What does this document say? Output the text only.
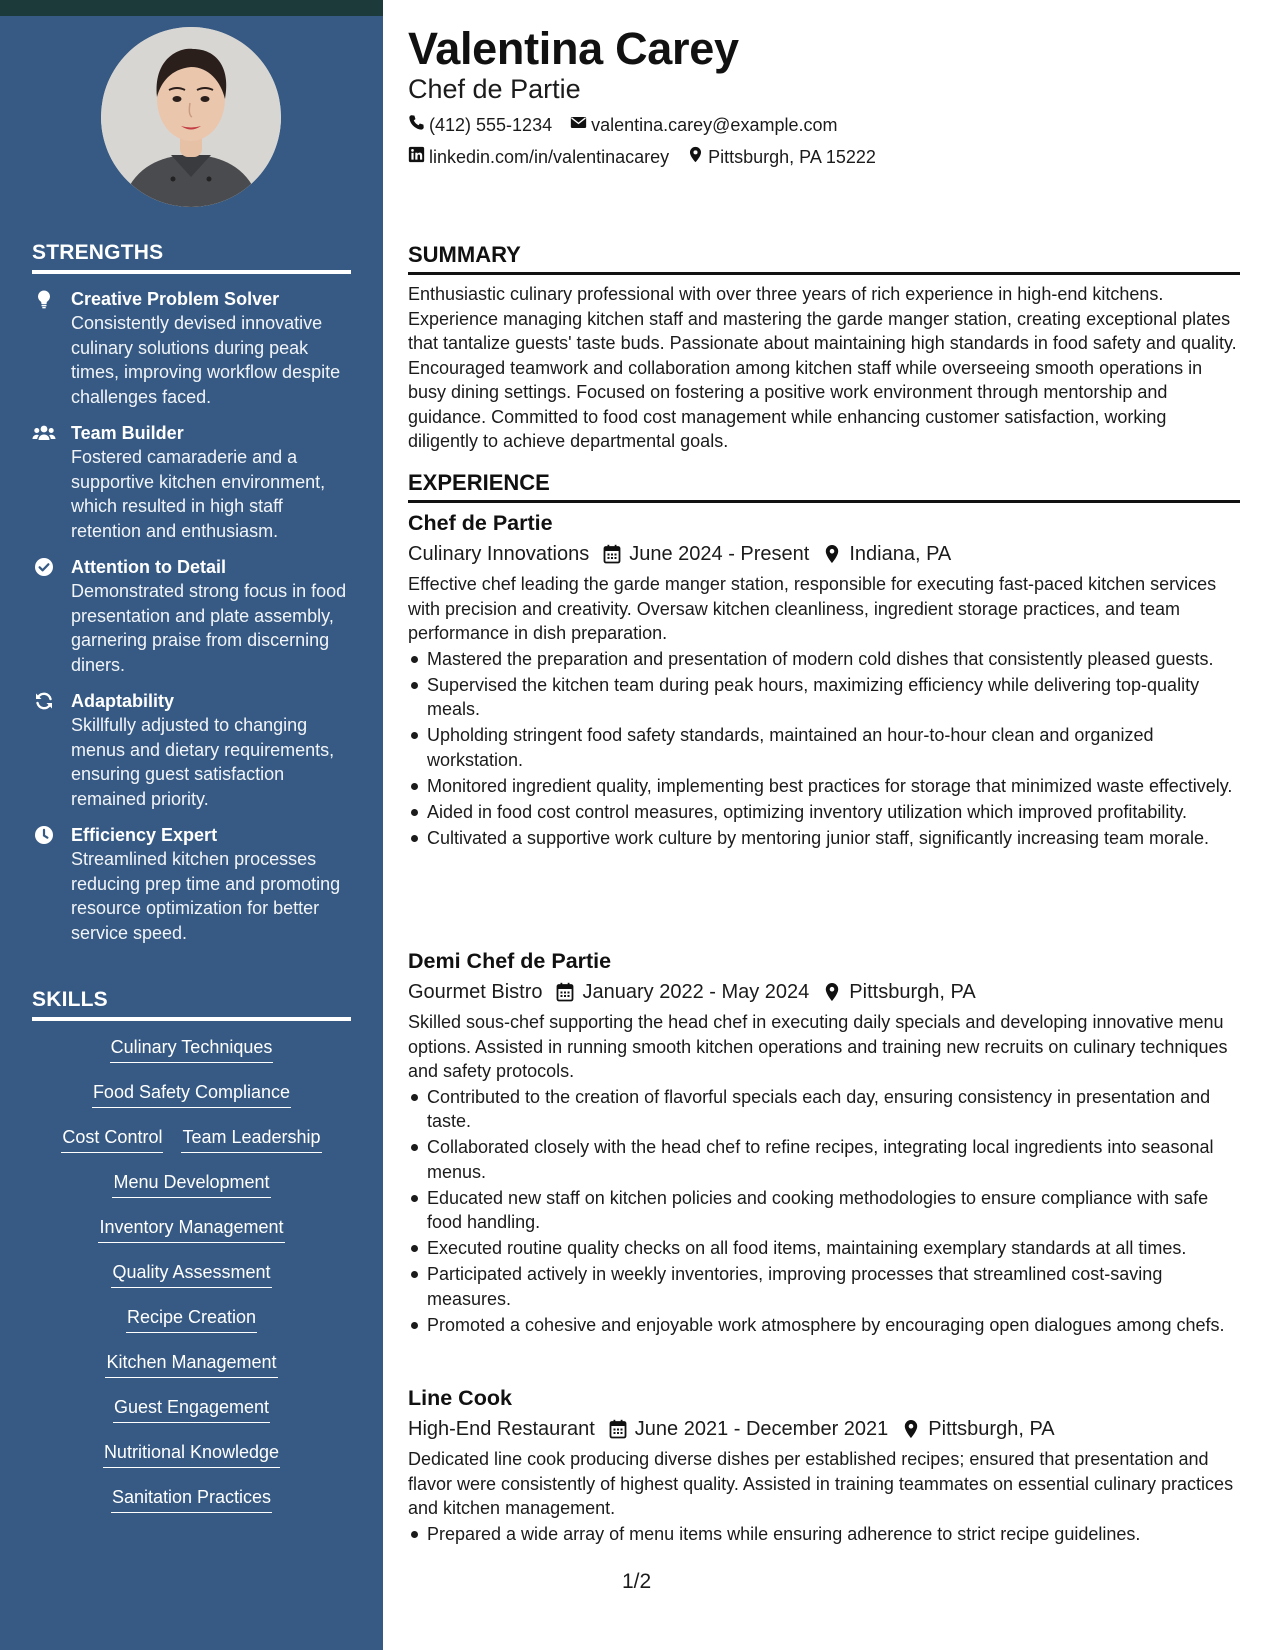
STRENGTHS
Creative Problem Solver
Consistently devised innovative culinary solutions during peak times, improving workflow despite challenges faced.
Team Builder
Fostered camaraderie and a supportive kitchen environment, which resulted in high staff retention and enthusiasm.
Attention to Detail
Demonstrated strong focus in food presentation and plate assembly, garnering praise from discerning diners.
Adaptability
Skillfully adjusted to changing menus and dietary requirements, ensuring guest satisfaction remained priority.
Efficiency Expert
Streamlined kitchen processes reducing prep time and promoting resource optimization for better service speed.
SKILLS
Culinary Techniques
Food Safety Compliance
Cost Control Team Leadership
Menu Development
Inventory Management
Quality Assessment
Recipe Creation
Kitchen Management
Guest Engagement
Nutritional Knowledge
Sanitation Practices
Valentina Carey
Chef de Partie
(412) 555-1234 valentina.carey@example.com
linkedin.com/in/valentinacarey Pittsburgh, PA 15222
SUMMARY

Enthusiastic culinary professional with over three years of rich experience in high-end kitchens. Experience managing kitchen staff and mastering the garde manger station, creating exceptional plates that tantalize guests' taste buds. Passionate about maintaining high standards in food safety and quality. Encouraged teamwork and collaboration among kitchen staff while overseeing smooth operations in busy dining settings. Focused on fostering a positive work environment through mentorship and guidance. Committed to food cost management while enhancing customer satisfaction, working diligently to achieve departmental goals.

EXPERIENCE
Chef de Partie
Culinary Innovations June 2024 - Present Indiana, PA

Effective chef leading the garde manger station, responsible for executing fast-paced kitchen services with precision and creativity. Oversaw kitchen cleanliness, ingredient storage practices, and team performance in dish preparation.

Mastered the preparation and presentation of modern cold dishes that consistently pleased guests.
Supervised the kitchen team during peak hours, maximizing efficiency while delivering top-quality meals.
Upholding stringent food safety standards, maintained an hour-to-hour clean and organized workstation.
Monitored ingredient quality, implementing best practices for storage that minimized waste effectively.
Aided in food cost control measures, optimizing inventory utilization which improved profitability.
Cultivated a supportive work culture by mentoring junior staff, significantly increasing team morale.
Demi Chef de Partie
Gourmet Bistro January 2022 - May 2024 Pittsburgh, PA

Skilled sous-chef supporting the head chef in executing daily specials and developing innovative menu options. Assisted in running smooth kitchen operations and training new recruits on culinary techniques and safety protocols.

Contributed to the creation of flavorful specials each day, ensuring consistency in presentation and taste.
Collaborated closely with the head chef to refine recipes, integrating local ingredients into seasonal menus.
Educated new staff on kitchen policies and cooking methodologies to ensure compliance with safe food handling.
Executed routine quality checks on all food items, maintaining exemplary standards at all times.
Participated actively in weekly inventories, improving processes that streamlined cost-saving measures.
Promoted a cohesive and enjoyable work atmosphere by encouraging open dialogues among chefs.
Line Cook
High-End Restaurant June 2021 - December 2021 Pittsburgh, PA

Dedicated line cook producing diverse dishes per established recipes; ensured that presentation and flavor were consistently of highest quality. Assisted in training teammates on essential culinary practices and kitchen management.

Prepared a wide array of menu items while ensuring adherence to strict recipe guidelines.
1/2
